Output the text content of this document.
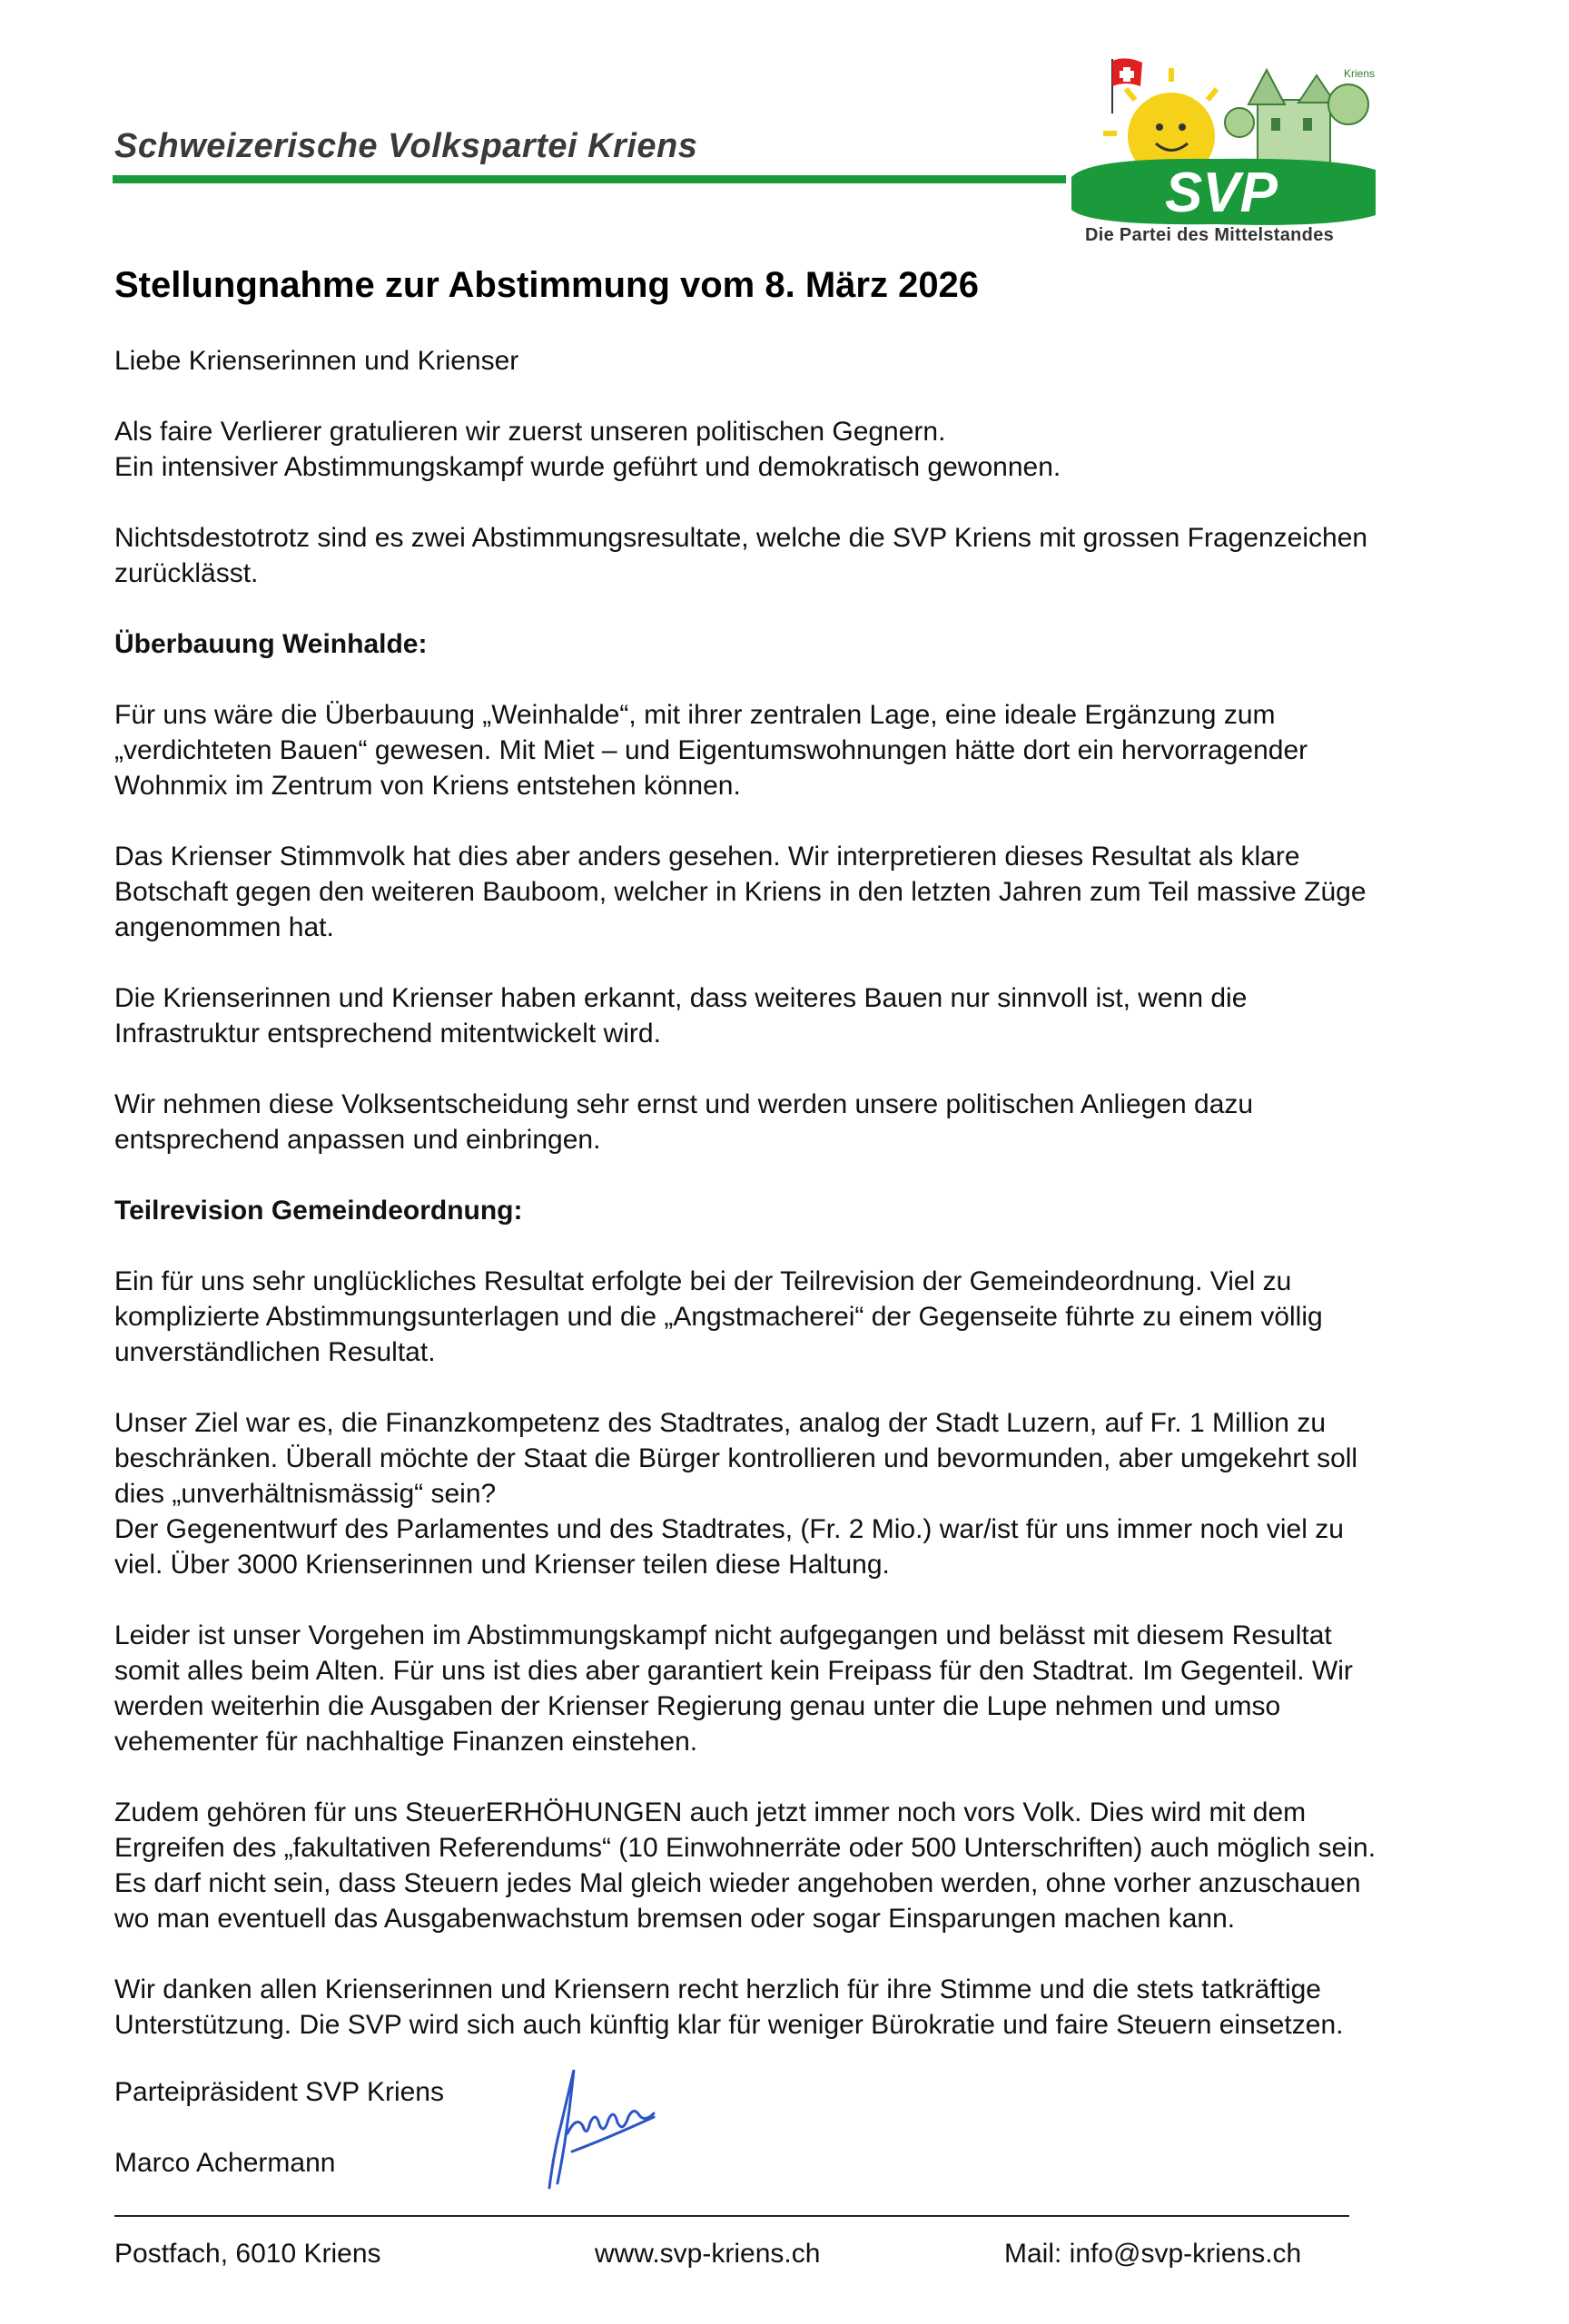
Schweizerische Volkspartei Kriens
Kriens
SVP
Die Partei des Mittelstandes
Stellungnahme zur Abstimmung vom 8. März 2026
Liebe Krienserinnen und Krienser
Als faire Verlierer gratulieren wir zuerst unseren politischen Gegnern.
Ein intensiver Abstimmungskampf wurde geführt und demokratisch gewonnen.
Nichtsdestotrotz sind es zwei Abstimmungsresultate, welche die SVP Kriens mit grossen Fragenzeichen
zurücklässt.
Überbauung Weinhalde:
Für uns wäre die Überbauung „Weinhalde“, mit ihrer zentralen Lage, eine ideale Ergänzung zum
„verdichteten Bauen“ gewesen. Mit Miet – und Eigentumswohnungen hätte dort ein hervorragender
Wohnmix im Zentrum von Kriens entstehen können.
Das Krienser Stimmvolk hat dies aber anders gesehen. Wir interpretieren dieses Resultat als klare
Botschaft gegen den weiteren Bauboom, welcher in Kriens in den letzten Jahren zum Teil massive Züge
angenommen hat.
Die Krienserinnen und Krienser haben erkannt, dass weiteres Bauen nur sinnvoll ist, wenn die
Infrastruktur entsprechend mitentwickelt wird.
Wir nehmen diese Volksentscheidung sehr ernst und werden unsere politischen Anliegen dazu
entsprechend anpassen und einbringen.
Teilrevision Gemeindeordnung:
Ein für uns sehr unglückliches Resultat erfolgte bei der Teilrevision der Gemeindeordnung. Viel zu
komplizierte Abstimmungsunterlagen und die „Angstmacherei“ der Gegenseite führte zu einem völlig
unverständlichen Resultat.
Unser Ziel war es, die Finanzkompetenz des Stadtrates, analog der Stadt Luzern, auf Fr. 1 Million zu
beschränken. Überall möchte der Staat die Bürger kontrollieren und bevormunden, aber umgekehrt soll
dies „unverhältnismässig“ sein?
Der Gegenentwurf des Parlamentes und des Stadtrates, (Fr. 2 Mio.) war/ist für uns immer noch viel zu
viel. Über 3000 Krienserinnen und Krienser teilen diese Haltung.
Leider ist unser Vorgehen im Abstimmungskampf nicht aufgegangen und belässt mit diesem Resultat
somit alles beim Alten. Für uns ist dies aber garantiert kein Freipass für den Stadtrat. Im Gegenteil. Wir
werden weiterhin die Ausgaben der Krienser Regierung genau unter die Lupe nehmen und umso
vehementer für nachhaltige Finanzen einstehen.
Zudem gehören für uns SteuerERHÖHUNGEN auch jetzt immer noch vors Volk. Dies wird mit dem
Ergreifen des „fakultativen Referendums“ (10 Einwohnerräte oder 500 Unterschriften) auch möglich sein.
Es darf nicht sein, dass Steuern jedes Mal gleich wieder angehoben werden, ohne vorher anzuschauen
wo man eventuell das Ausgabenwachstum bremsen oder sogar Einsparungen machen kann.
Wir danken allen Krienserinnen und Kriensern recht herzlich für ihre Stimme und die stets tatkräftige
Unterstützung. Die SVP wird sich auch künftig klar für weniger Bürokratie und faire Steuern einsetzen.
Parteipräsident SVP Kriens
Marco Achermann
Postfach, 6010 Kriens	www.svp-kriens.ch	Mail: info@svp-kriens.ch
